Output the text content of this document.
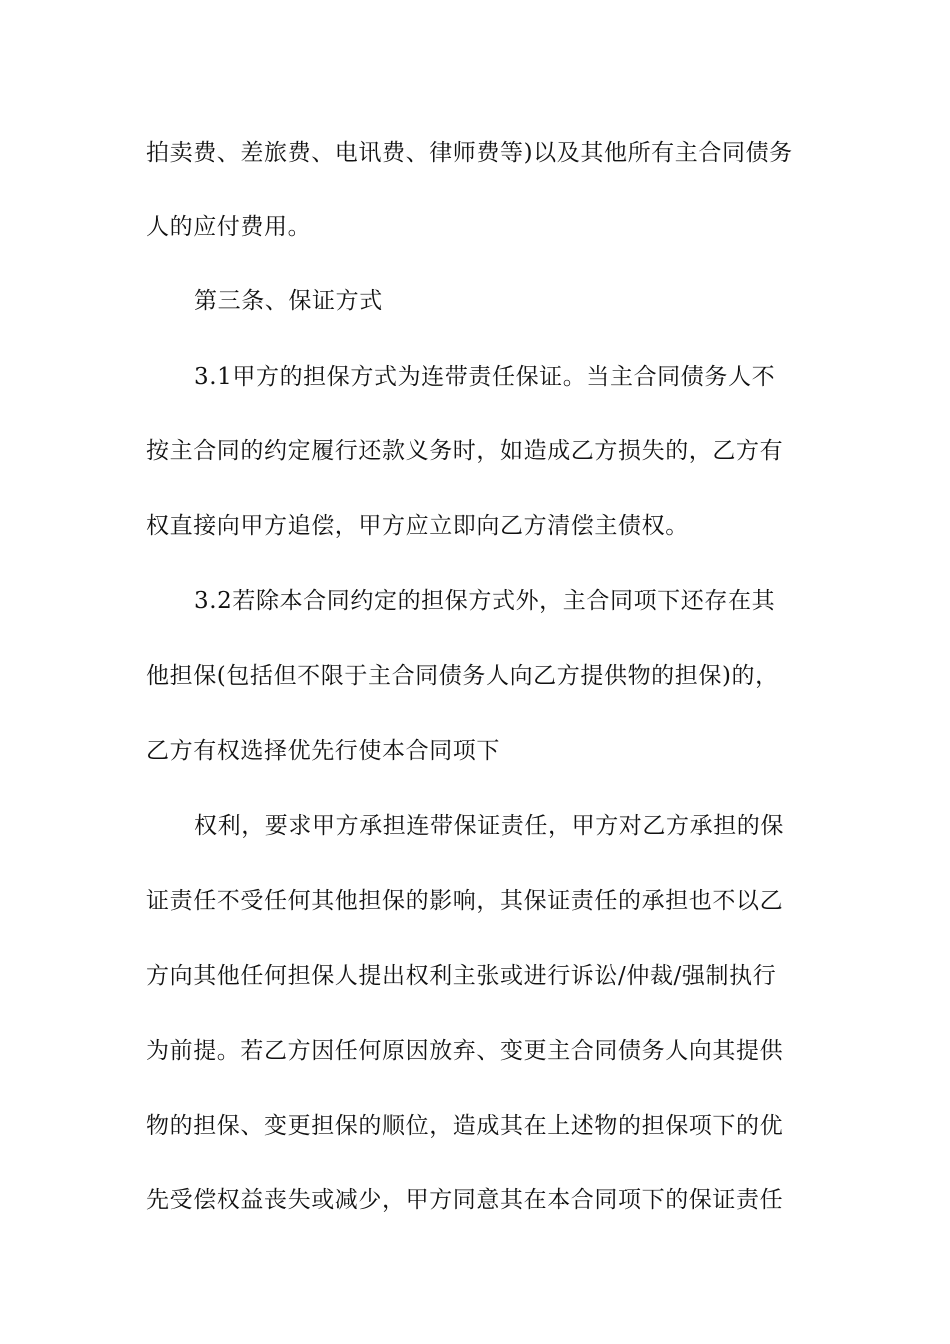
拍卖费、差旅费、电讯费、律师费等)以及其他所有主合同债务
人的应付费用。
第三条、保证方式
3.1甲方的担保方式为连带责任保证。当主合同债务人不
按主合同的约定履行还款义务时，如造成乙方损失的，乙方有
权直接向甲方追偿，甲方应立即向乙方清偿主债权。
3.2若除本合同约定的担保方式外，主合同项下还存在其
他担保(包括但不限于主合同债务人向乙方提供物的担保)的，
乙方有权选择优先行使本合同项下
权利，要求甲方承担连带保证责任，甲方对乙方承担的保
证责任不受任何其他担保的影响，其保证责任的承担也不以乙
方向其他任何担保人提出权利主张或进行诉讼/仲裁/强制执行
为前提。若乙方因任何原因放弃、变更主合同债务人向其提供
物的担保、变更担保的顺位，造成其在上述物的担保项下的优
先受偿权益丧失或减少，甲方同意其在本合同项下的保证责任
